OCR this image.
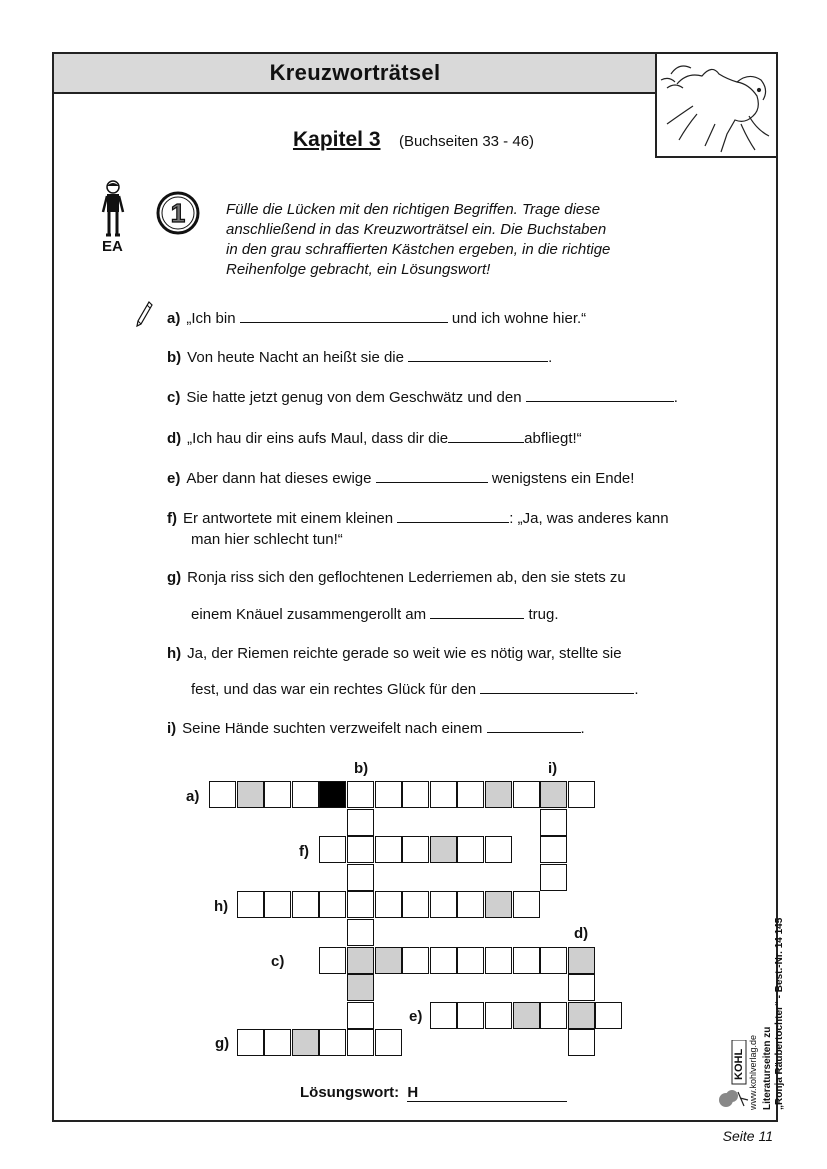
Kreuzworträtsel
Kapitel 3 (Buchseiten 33 - 46)
EA
1	Fülle die Lücken mit den richtigen Begriffen. Trage diese
anschließend in das Kreuzworträtsel ein. Die Buchstaben
in den grau schraffierten Kästchen ergeben, in die richtige
Reihenfolge gebracht, ein Lösungswort!
a) „Ich bin	und ich wohne hier.“
b) Von heute Nacht an heißt sie die	.
c) Sie hatte jetzt genug von dem Geschwätz und den	.
d) „Ich hau dir eins aufs Maul, dass dir die	abfliegt!“
e) Aber dann hat dieses ewige	wenigstens ein Ende!
f) Er antwortete mit einem kleinen	: „Ja, was anderes kann
man hier schlecht tun!“
g) Ronja riss sich den geflochtenen Lederriemen ab, den sie stets zu
einem Knäuel zusammengerollt am	trug.
h) Ja, der Riemen reichte gerade so weit wie es nötig war, stellte sie
fest, und das war ein rechtes Glück für den	.
i) Seine Hände suchten verzweifelt nach einem	.
a)
b)	i)
f)
h)
d)
c)
e)
g)
Lösungswort: H	Literaturseiten zu „Ronja Räubertochter“ - Best.-Nr. 14 145
www.kohlverlag.de
KOHL
Seite 11
